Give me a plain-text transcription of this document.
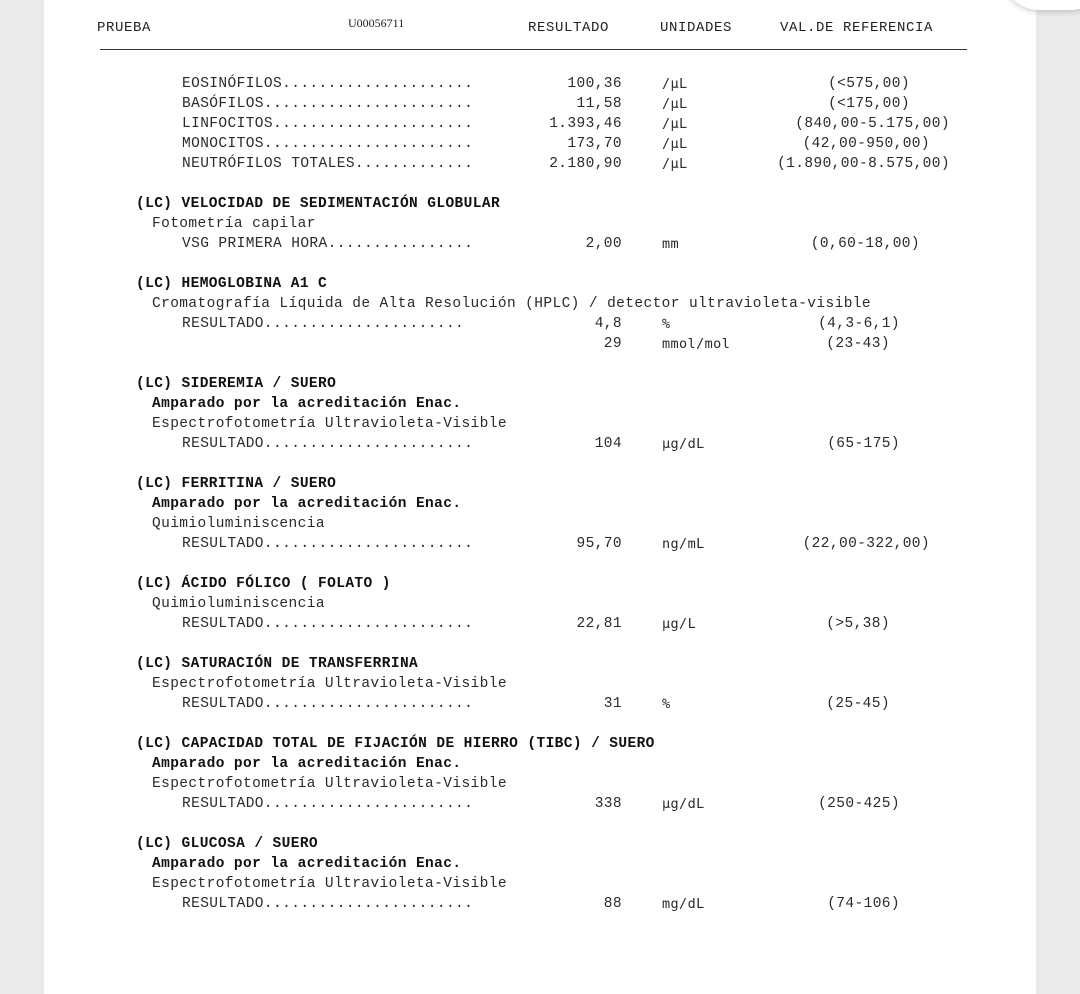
PRUEBA	U00056711	RESULTADO	UNIDADES	VAL.DE REFERENCIA
EOSINÓFILOS.....................	100,36	/µL	(<575,00)
BASÓFILOS.......................	11,58	/µL	(<175,00)
LINFOCITOS......................	1.393,46	/µL	(840,00-5.175,00)
MONOCITOS.......................	173,70	/µL	(42,00-950,00)
NEUTRÓFILOS TOTALES.............	2.180,90	/µL	(1.890,00-8.575,00)
(LC) VELOCIDAD DE SEDIMENTACIÓN GLOBULAR
Fotometría capilar
VSG PRIMERA HORA................	2,00	mm	(0,60-18,00)
(LC) HEMOGLOBINA A1 C
Cromatografía Líquida de Alta Resolución (HPLC) / detector ultravioleta-visible
RESULTADO......................	4,8	%	(4,3-6,1)
29	mmol/mol	(23-43)
(LC) SIDEREMIA / SUERO
Amparado por la acreditación Enac.
Espectrofotometría Ultravioleta-Visible
RESULTADO.......................	104	µg/dL	(65-175)
(LC) FERRITINA / SUERO
Amparado por la acreditación Enac.
Quimioluminiscencia
RESULTADO.......................	95,70	ng/mL	(22,00-322,00)
(LC) ÁCIDO FÓLICO ( FOLATO )
Quimioluminiscencia
RESULTADO.......................	22,81	µg/L	(>5,38)
(LC) SATURACIÓN DE TRANSFERRINA
Espectrofotometría Ultravioleta-Visible
RESULTADO.......................	31	%	(25-45)
(LC) CAPACIDAD TOTAL DE FIJACIÓN DE HIERRO (TIBC) / SUERO
Amparado por la acreditación Enac.
Espectrofotometría Ultravioleta-Visible
RESULTADO.......................	338	µg/dL	(250-425)
(LC) GLUCOSA / SUERO
Amparado por la acreditación Enac.
Espectrofotometría Ultravioleta-Visible
RESULTADO.......................	88	mg/dL	(74-106)
